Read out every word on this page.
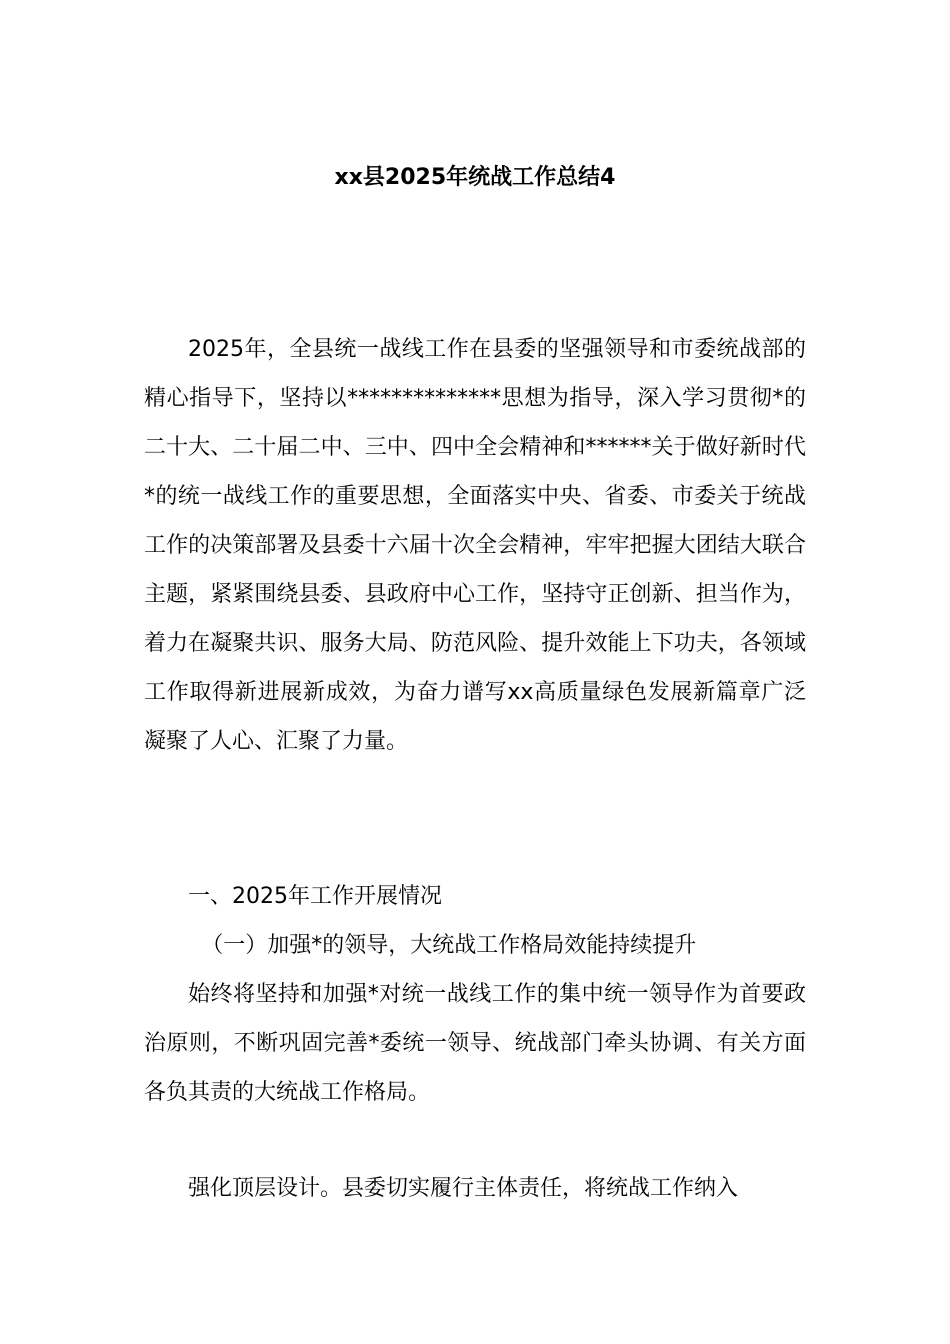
xx县2025年统战工作总结4

2025年，全县统一战线工作在县委的坚强领导和市委统战部的精心指导下，坚持以**************思想为指导，深入学习贯彻*的二十大、二十届二中、三中、四中全会精神和******关于做好新时代*的统一战线工作的重要思想，全面落实中央、省委、市委关于统战工作的决策部署及县委十六届十次全会精神，牢牢把握大团结大联合主题，紧紧围绕县委、县政府中心工作，坚持守正创新、担当作为，着力在凝聚共识、服务大局、防范风险、提升效能上下功夫，各领域工作取得新进展新成效，为奋力谱写xx高质量绿色发展新篇章广泛凝聚了人心、汇聚了力量。

一、2025年工作开展情况

（一）加强*的领导，大统战工作格局效能持续提升

始终将坚持和加强*对统一战线工作的集中统一领导作为首要政治原则，不断巩固完善*委统一领导、统战部门牵头协调、有关方面各负其责的大统战工作格局。

强化顶层设计。县委切实履行主体责任，将统战工作纳入
